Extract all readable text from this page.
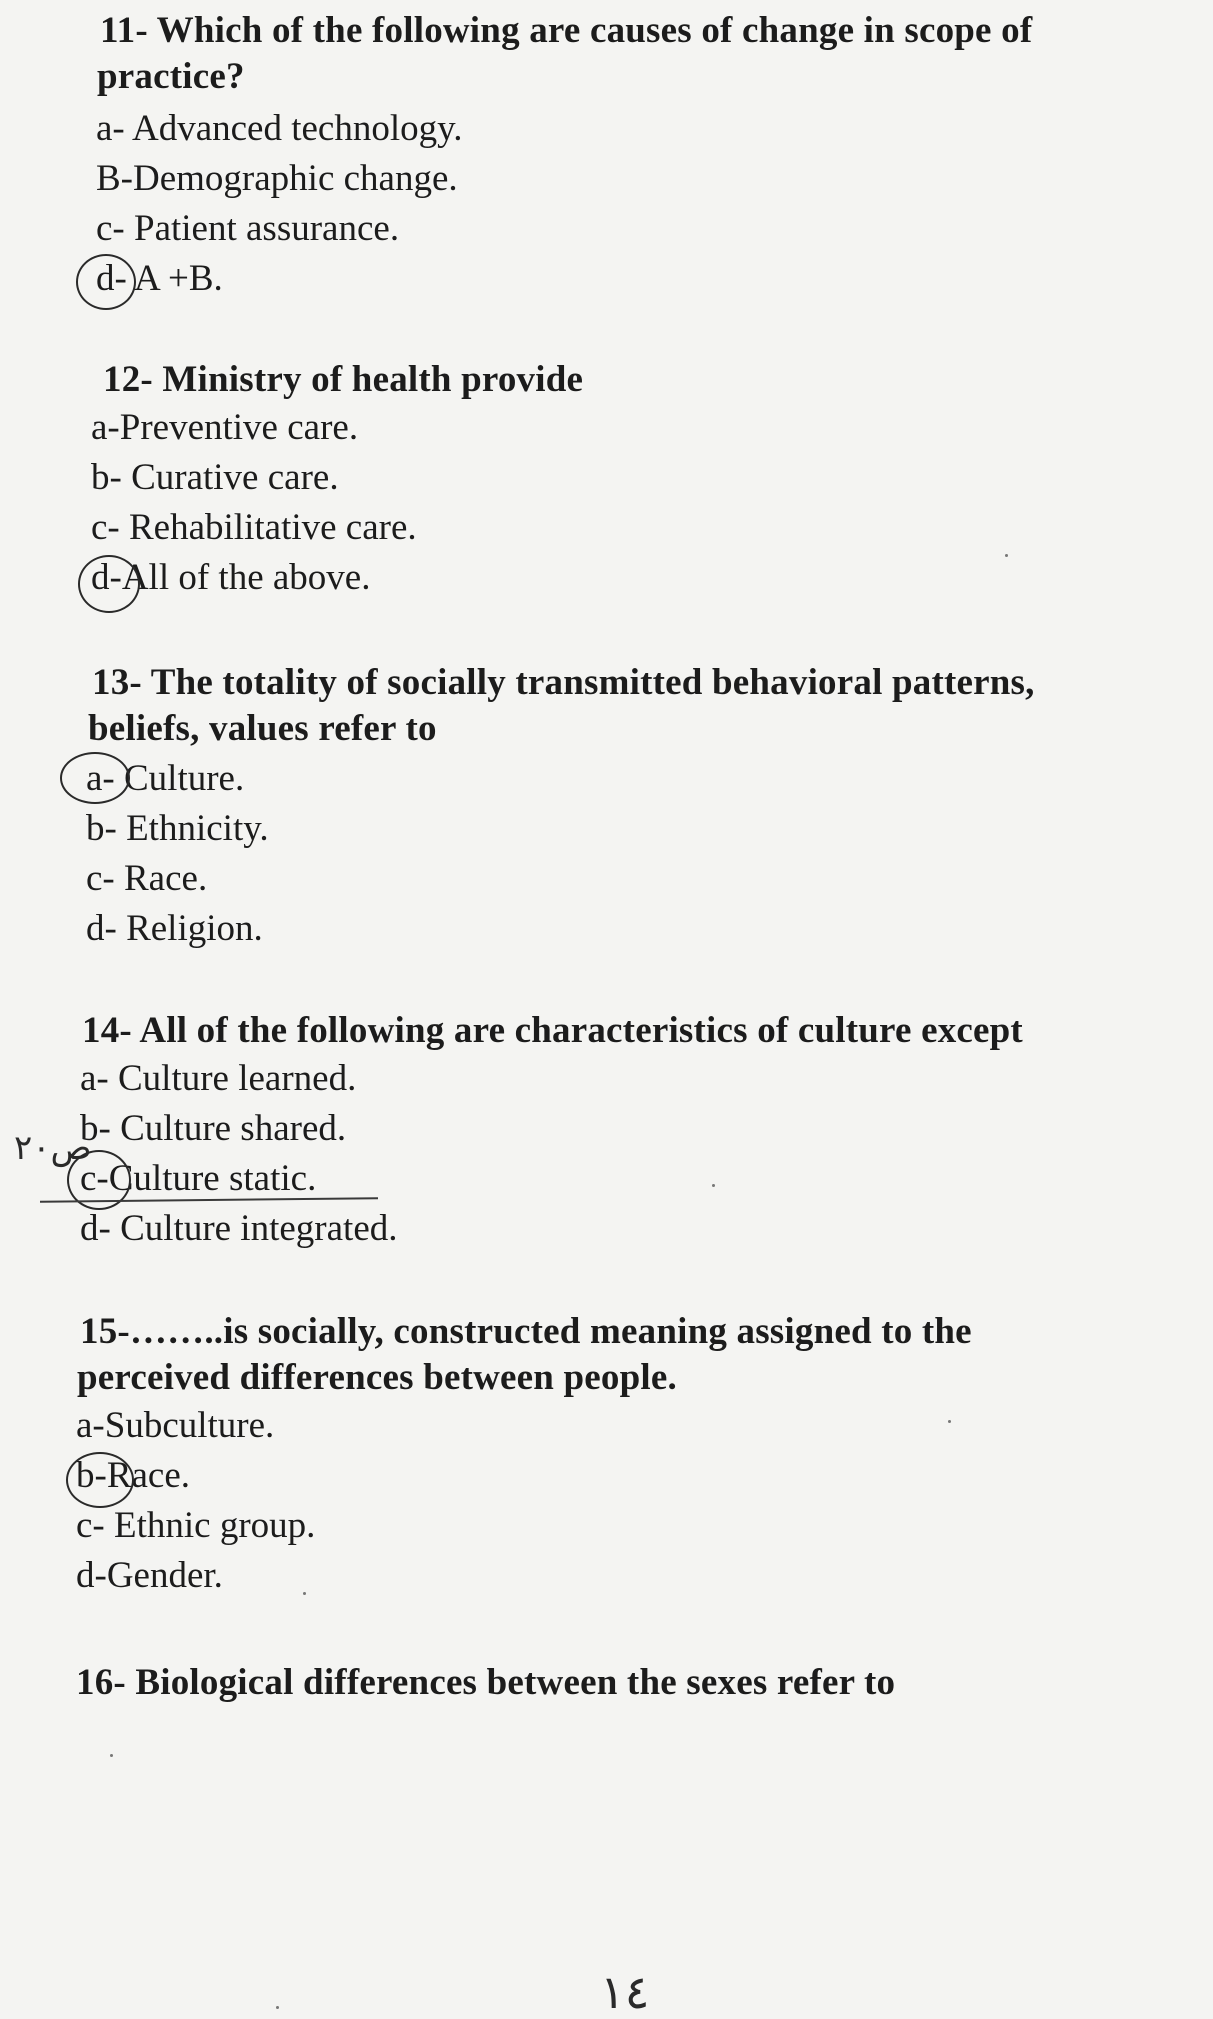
11- Which of the following are causes of change in scope of

practice?

a- Advanced technology.

B-Demographic change.

c- Patient assurance.

d- A +B.

12- Ministry of health provide

a-Preventive care.

b- Curative care.

c- Rehabilitative care.

d-All of the above.

13- The totality of socially transmitted behavioral patterns,

beliefs, values refer to

a- Culture.

b- Ethnicity.

c- Race.

d- Religion.

14- All of the following are characteristics of culture except

a- Culture learned.

b- Culture shared.

c-Culture static.

d- Culture integrated.

ص٢٠

15-……..is socially, constructed meaning assigned to the

perceived differences between people.

a-Subculture.

b-Race.

c- Ethnic group.

d-Gender.

16- Biological differences between the sexes refer to

١٤
